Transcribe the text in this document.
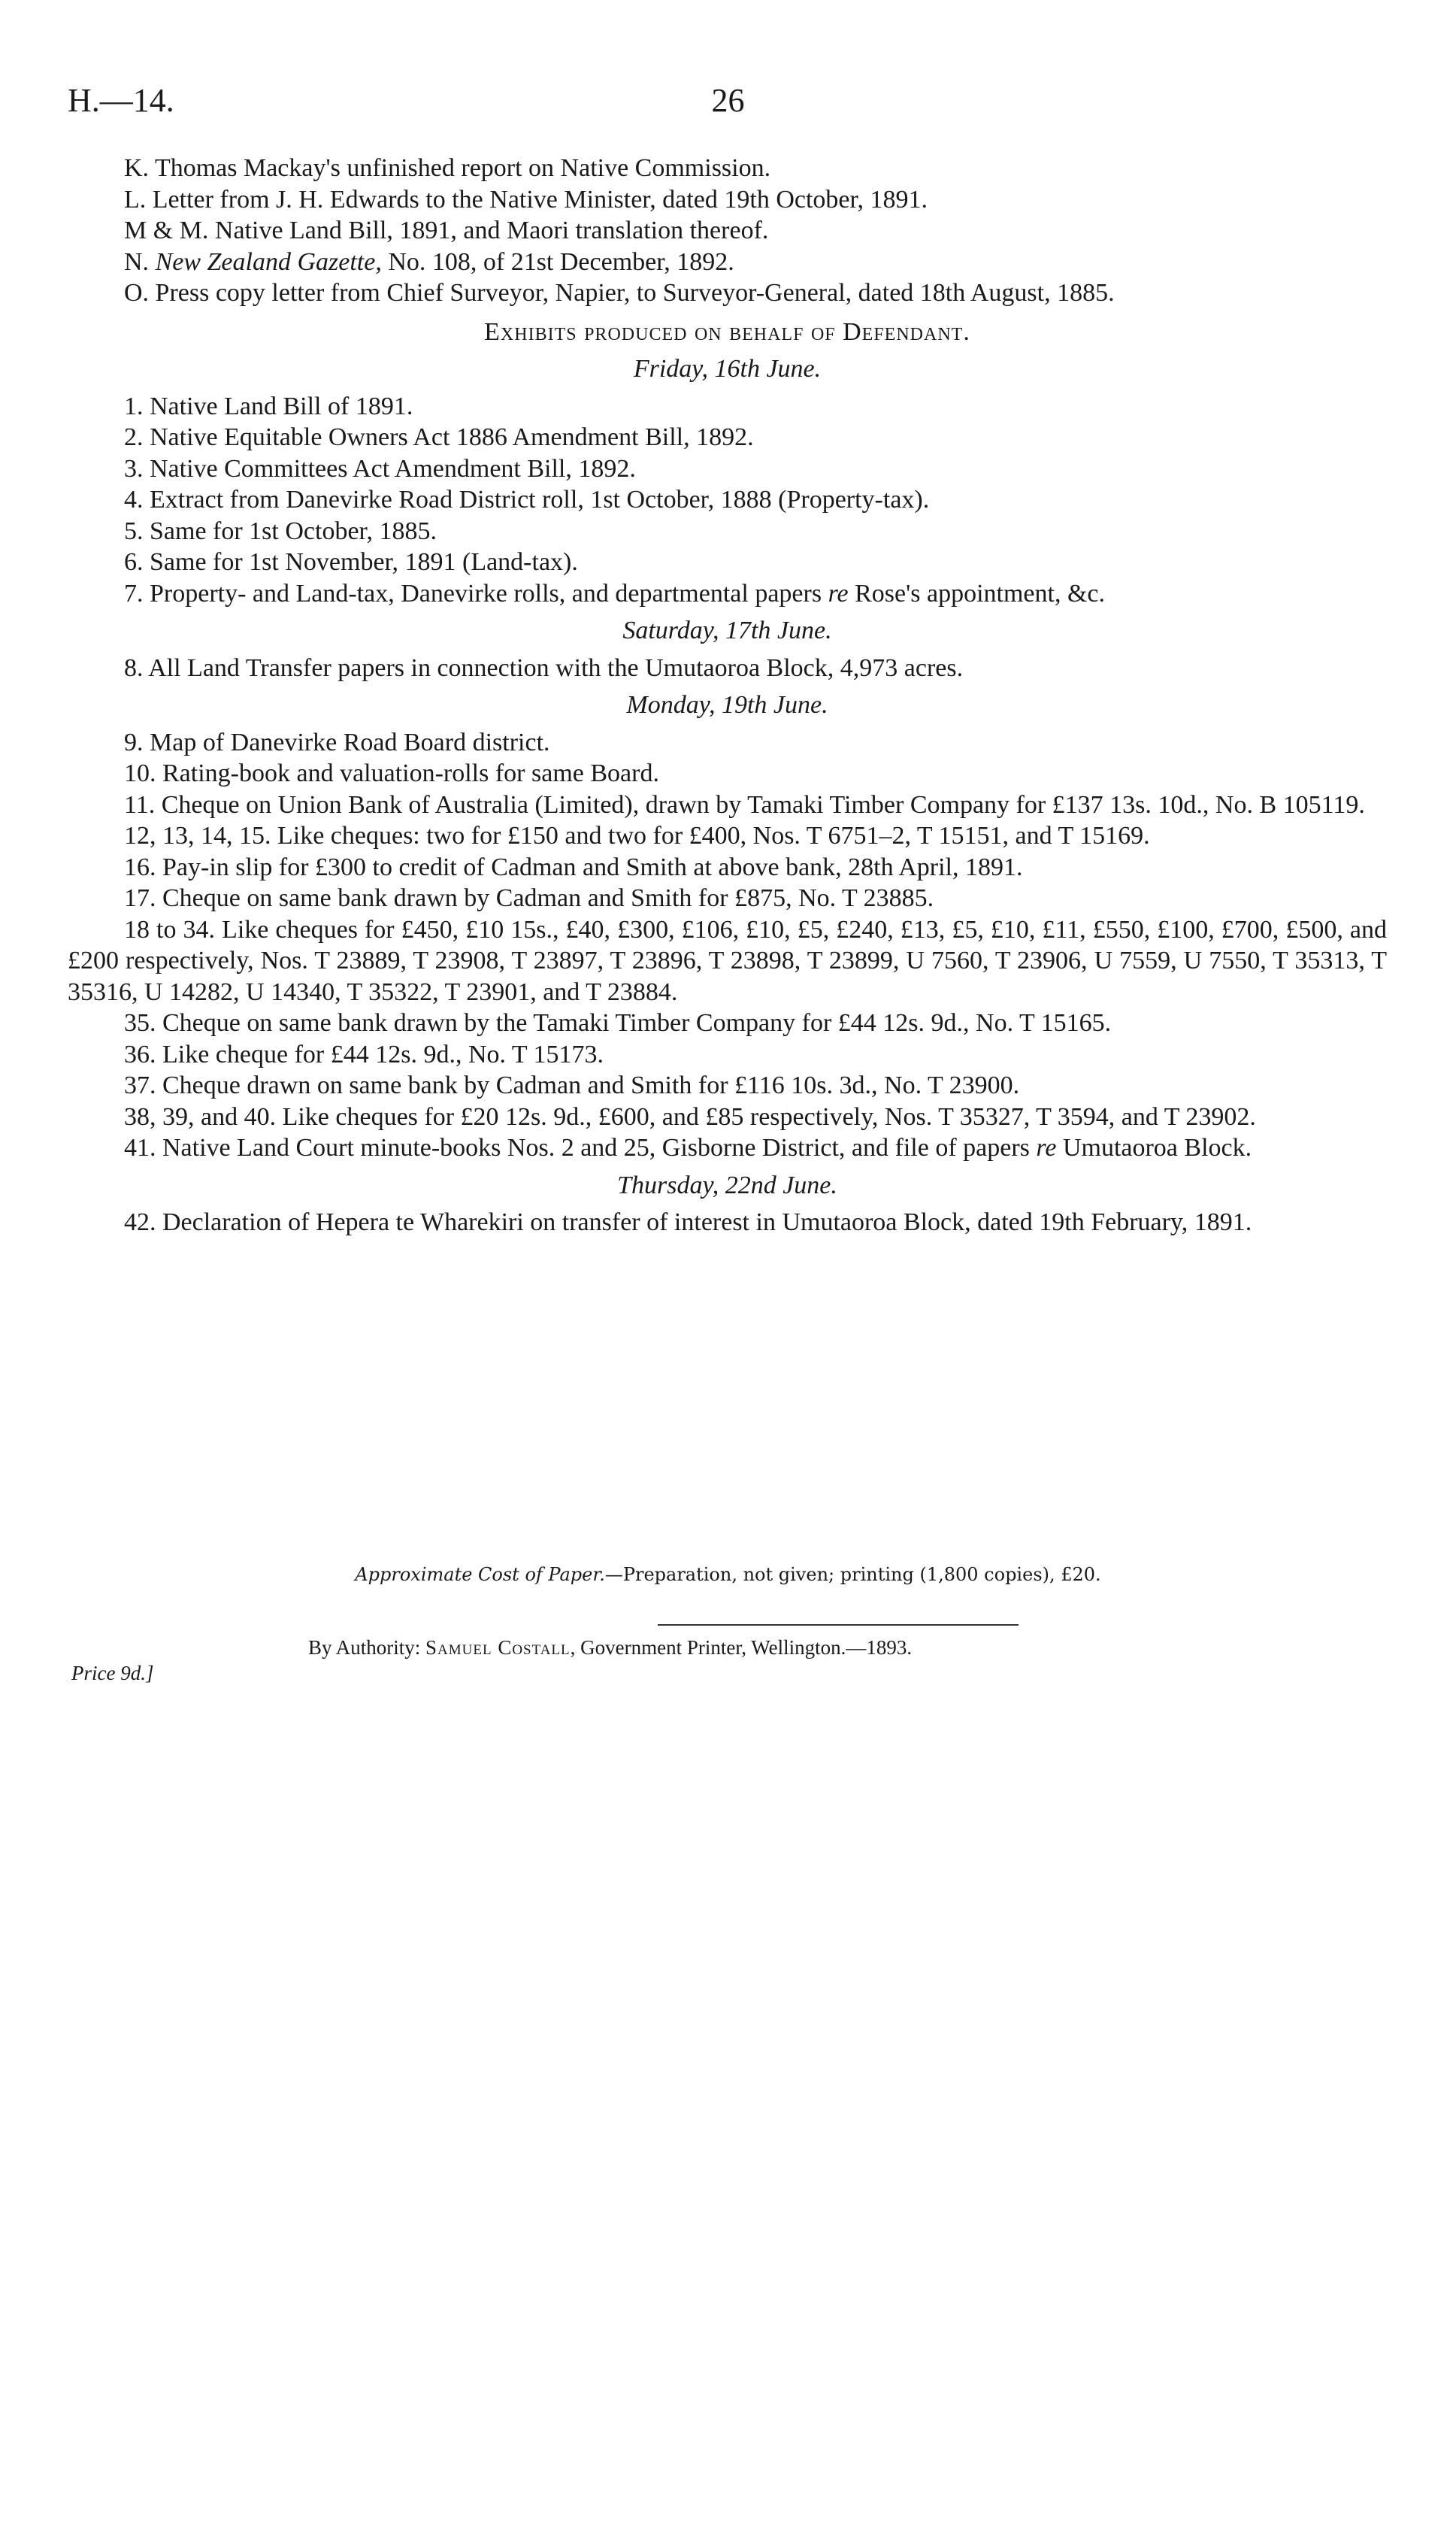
H.—14.	26

K. Thomas Mackay's unfinished report on Native Commission.

L. Letter from J. H. Edwards to the Native Minister, dated 19th October, 1891.

M & M. Native Land Bill, 1891, and Maori translation thereof.

N. New Zealand Gazette, No. 108, of 21st December, 1892.

O. Press copy letter from Chief Surveyor, Napier, to Surveyor-General, dated 18th August, 1885.

Exhibits produced on behalf of Defendant.
Friday, 16th June.

1. Native Land Bill of 1891.

2. Native Equitable Owners Act 1886 Amendment Bill, 1892.

3. Native Committees Act Amendment Bill, 1892.

4. Extract from Danevirke Road District roll, 1st October, 1888 (Property-tax).

5. Same for 1st October, 1885.

6. Same for 1st November, 1891 (Land-tax).

7. Property- and Land-tax, Danevirke rolls, and departmental papers re Rose's appointment, &c.

Saturday, 17th June.

8. All Land Transfer papers in connection with the Umutaoroa Block, 4,973 acres.

Monday, 19th June.

9. Map of Danevirke Road Board district.

10. Rating-book and valuation-rolls for same Board.

11. Cheque on Union Bank of Australia (Limited), drawn by Tamaki Timber Company for £137 13s. 10d., No. B 105119.

12, 13, 14, 15. Like cheques: two for £150 and two for £400, Nos. T 6751–2, T 15151, and T 15169.

16. Pay-in slip for £300 to credit of Cadman and Smith at above bank, 28th April, 1891.

17. Cheque on same bank drawn by Cadman and Smith for £875, No. T 23885.

18 to 34. Like cheques for £450, £10 15s., £40, £300, £106, £10, £5, £240, £13, £5, £10, £11, £550, £100, £700, £500, and £200 respectively, Nos. T 23889, T 23908, T 23897, T 23896, T 23898, T 23899, U 7560, T 23906, U 7559, U 7550, T 35313, T 35316, U 14282, U 14340, T 35322, T 23901, and T 23884.

35. Cheque on same bank drawn by the Tamaki Timber Company for £44 12s. 9d., No. T 15165.

36. Like cheque for £44 12s. 9d., No. T 15173.

37. Cheque drawn on same bank by Cadman and Smith for £116 10s. 3d., No. T 23900.

38, 39, and 40. Like cheques for £20 12s. 9d., £600, and £85 respectively, Nos. T 35327, T 3594, and T 23902.

41. Native Land Court minute-books Nos. 2 and 25, Gisborne District, and file of papers re Umutaoroa Block.

Thursday, 22nd June.

42. Declaration of Hepera te Wharekiri on transfer of interest in Umutaoroa Block, dated 19th February, 1891.

Approximate Cost of Paper.—Preparation, not given; printing (1,800 copies), £20.
By Authority: Samuel Costall, Government Printer, Wellington.—1893.
Price 9d.]
